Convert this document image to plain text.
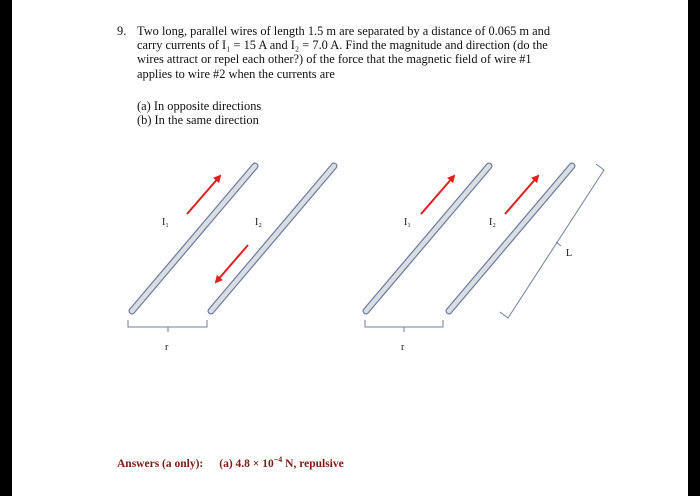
9. Two long, parallel wires of length 1.5 m are separated by a distance of 0.065 m and
carry currents of I₁ = 15 A and I₂ = 7.0 A. Find the magnitude and direction (do the
wires attract or repel each other?) of the force that the magnetic field of wire #1
applies to wire #2 when the currents are
(a) In opposite directions
(b) In the same direction
I₁	I₂
r
I₁	I₂
r
L
Answers (a only): (a) $4.8 \times 10^{-4}$ N, repulsive
